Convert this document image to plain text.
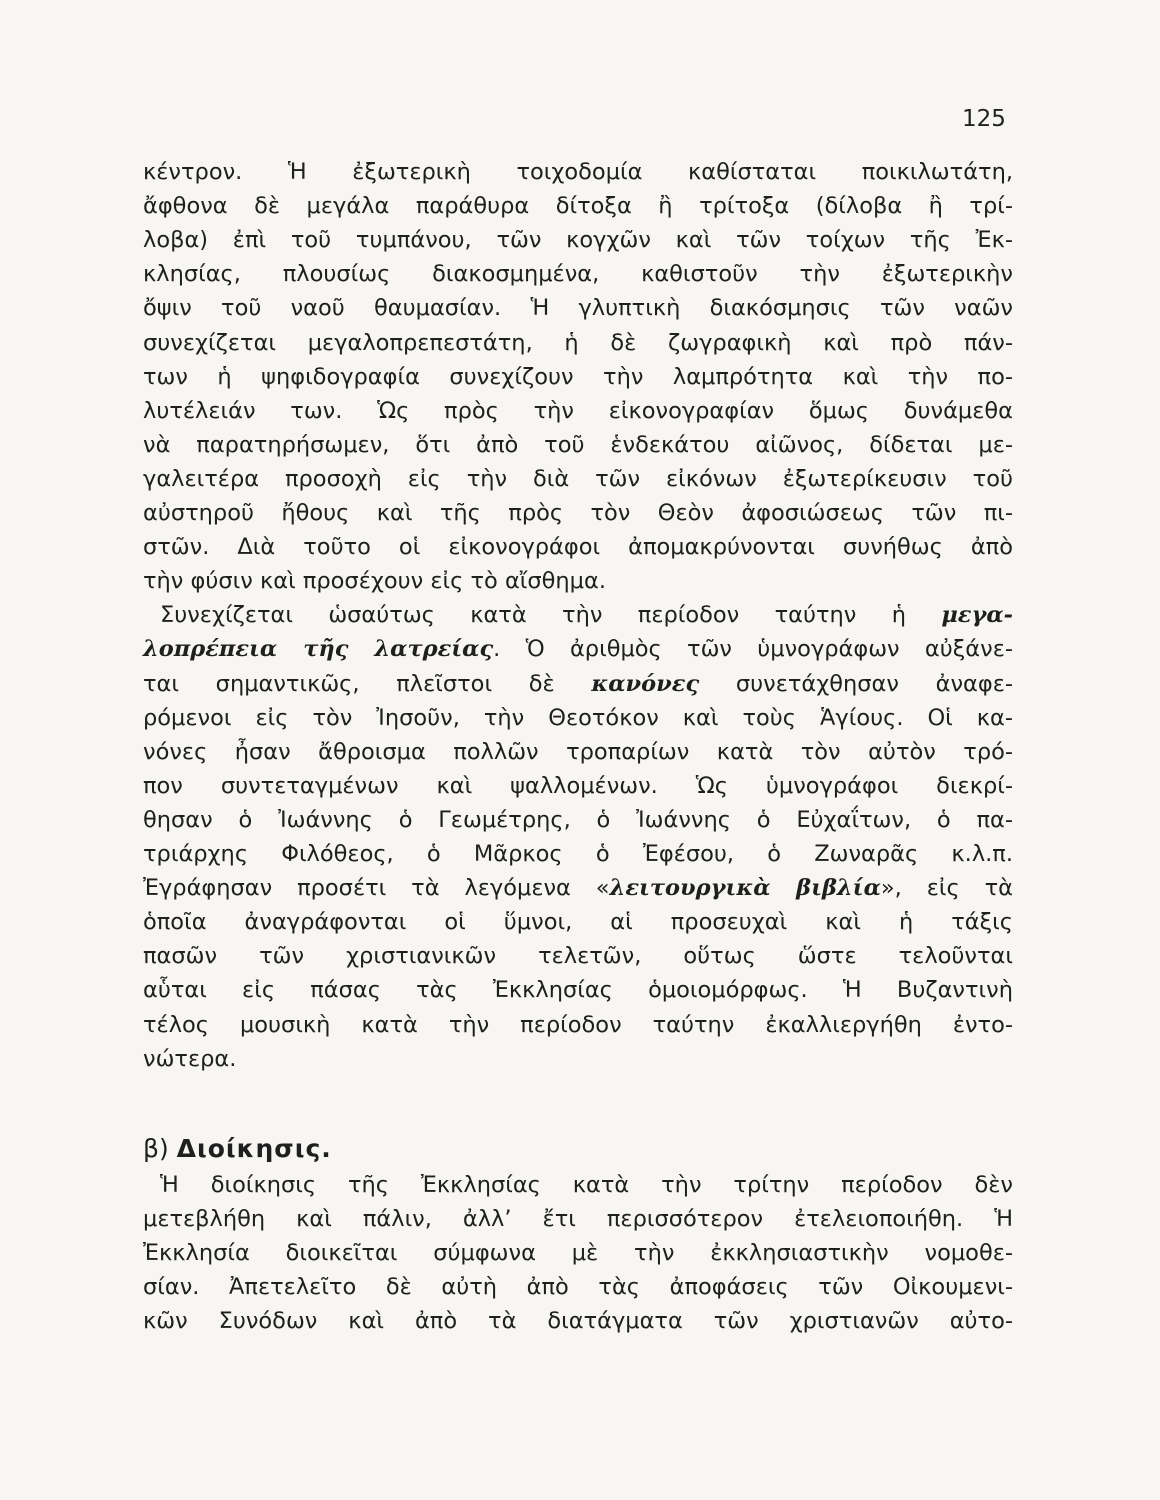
125
κέντρον. Ἡ ἐξωτερικὴ τοιχοδομία καθίσταται ποικιλωτάτη,
ἄφθονα δὲ μεγάλα παράθυρα δίτοξα ἢ τρίτοξα (δίλοβα ἢ τρί-
λοβα) ἐπὶ τοῦ τυμπάνου, τῶν κογχῶν καὶ τῶν τοίχων τῆς Ἐκ-
κλησίας, πλουσίως διακοσμημένα, καθιστοῦν τὴν ἐξωτερικὴν
ὄψιν τοῦ ναοῦ θαυμασίαν. Ἡ γλυπτικὴ διακόσμησις τῶν ναῶν
συνεχίζεται μεγαλοπρεπεστάτη, ἡ δὲ ζωγραφικὴ καὶ πρὸ πάν-
των ἡ ψηφιδογραφία συνεχίζουν τὴν λαμπρότητα καὶ τὴν πο-
λυτέλειάν των. Ὡς πρὸς τὴν εἰκονογραφίαν ὅμως δυνάμεθα
νὰ παρατηρήσωμεν, ὅτι ἀπὸ τοῦ ἑνδεκάτου αἰῶνος, δίδεται με-
γαλειτέρα προσοχὴ εἰς τὴν διὰ τῶν εἰκόνων ἐξωτερίκευσιν τοῦ
αὐστηροῦ ἤθους καὶ τῆς πρὸς τὸν Θεὸν ἀφοσιώσεως τῶν πι-
στῶν. Διὰ τοῦτο οἱ εἰκονογράφοι ἀπομακρύνονται συνήθως ἀπὸ
τὴν φύσιν καὶ προσέχουν εἰς τὸ αἴσθημα.
Συνεχίζεται ὡσαύτως κατὰ τὴν περίοδον ταύτην ἡ μεγα-
λοπρέπεια τῆς λατρείας. Ὁ ἀριθμὸς τῶν ὑμνογράφων αὐξάνε-
ται σημαντικῶς, πλεῖστοι δὲ κανόνες συνετάχθησαν ἀναφε-
ρόμενοι εἰς τὸν Ἰησοῦν, τὴν Θεοτόκον καὶ τοὺς Ἁγίους. Οἱ κα-
νόνες ἦσαν ἄθροισμα πολλῶν τροπαρίων κατὰ τὸν αὐτὸν τρό-
πον συντεταγμένων καὶ ψαλλομένων. Ὡς ὑμνογράφοι διεκρί-
θησαν ὁ Ἰωάννης ὁ Γεωμέτρης, ὁ Ἰωάννης ὁ Εὐχαΐτων, ὁ πα-
τριάρχης Φιλόθεος, ὁ Μᾶρκος ὁ Ἐφέσου, ὁ Ζωναρᾶς κ.λ.π.
Ἐγράφησαν προσέτι τὰ λεγόμενα «λειτουργικὰ βιβλία», εἰς τὰ
ὁποῖα ἀναγράφονται οἱ ὕμνοι, αἱ προσευχαὶ καὶ ἡ τάξις
πασῶν τῶν χριστιανικῶν τελετῶν, οὕτως ὥστε τελοῦνται
αὗται εἰς πάσας τὰς Ἐκκλησίας ὁμοιομόρφως. Ἡ Βυζαντινὴ
τέλος μουσικὴ κατὰ τὴν περίοδον ταύτην ἐκαλλιεργήθη ἐντο-
νώτερα.
Ἡ διοίκησις τῆς Ἐκκλησίας κατὰ τὴν τρίτην περίοδον δὲν
μετεβλήθη καὶ πάλιν, ἀλλ’ ἔτι περισσότερον ἐτελειοποιήθη. Ἡ
Ἐκκλησία διοικεῖται σύμφωνα μὲ τὴν ἐκκλησιαστικὴν νομοθε-
σίαν. Ἀπετελεῖτο δὲ αὐτὴ ἀπὸ τὰς ἀποφάσεις τῶν Οἰκουμενι-
κῶν Συνόδων καὶ ἀπὸ τὰ διατάγματα τῶν χριστιανῶν αὐτο-
β) Διοίκησις.
